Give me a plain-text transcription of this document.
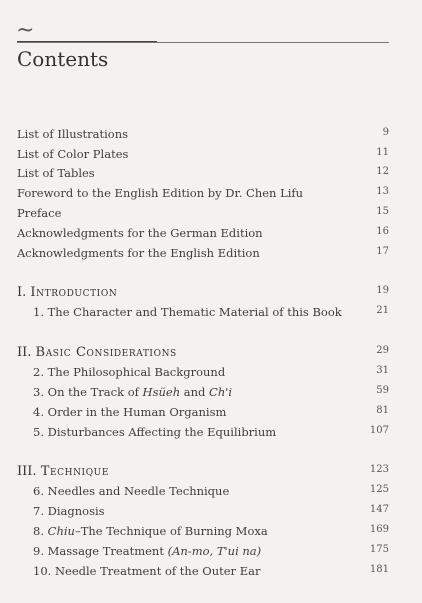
~
Contents
List of Illustrations	9
List of Color Plates	11
List of Tables	12
Foreword to the English Edition by Dr. Chen Lifu	13
Preface	15
Acknowledgments for the German Edition	16
Acknowledgments for the English Edition	17
I. Introduction	19
1. The Character and Thematic Material of this Book	21
II. Basic Considerations	29
2. The Philosophical Background	31
3. On the Track of Hsüeh and Ch'i	59
4. Order in the Human Organism	81
5. Disturbances Affecting the Equilibrium	107
III. Technique	123
6. Needles and Needle Technique	125
7. Diagnosis	147
8. Chiu–The Technique of Burning Moxa	169
9. Massage Treatment (An-mo, T'ui na)	175
10. Needle Treatment of the Outer Ear	181
